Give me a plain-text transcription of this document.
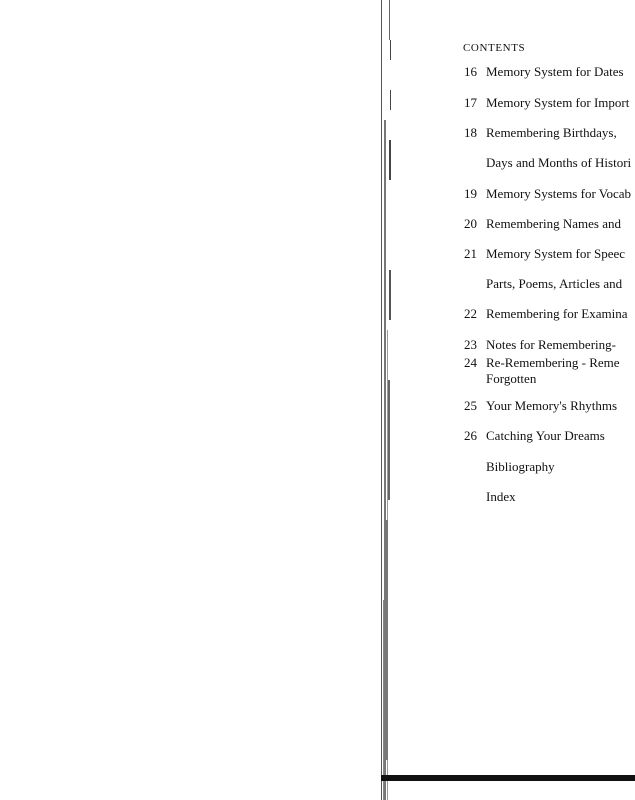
CONTENTS
16 Memory System for Dates
17 Memory System for Import
18 Remembering Birthdays,
Days and Months of Histori
19 Memory Systems for Vocab
20 Remembering Names and
21 Memory System for Speec
Parts, Poems, Articles and
22 Remembering for Examina
23 Notes for Remembering-
24 Re-Remembering - Reme
Forgotten
25 Your Memory's Rhythms
26 Catching Your Dreams
Bibliography
Index
